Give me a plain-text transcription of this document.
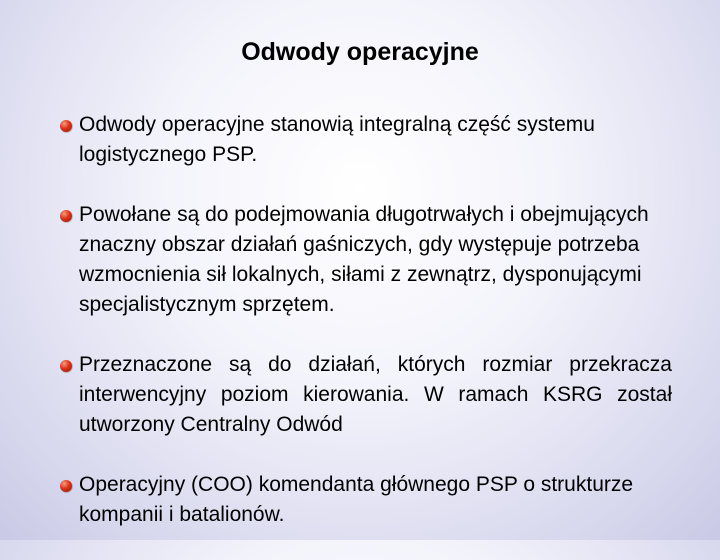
Odwody operacyjne
Odwody operacyjne stanowią integralną część systemu logistycznego PSP.
Powołane są do podejmowania długotrwałych i obejmujących znaczny obszar działań gaśniczych, gdy występuje potrzeba wzmocnienia sił lokalnych, siłami z zewnątrz, dysponującymi specjalistycznym sprzętem.
Przeznaczone są do działań, których rozmiar przekracza interwencyjny poziom kierowania. W ramach KSRG został utworzony Centralny Odwód
Operacyjny (COO) komendanta głównego PSP o strukturze kompanii i batalionów.
